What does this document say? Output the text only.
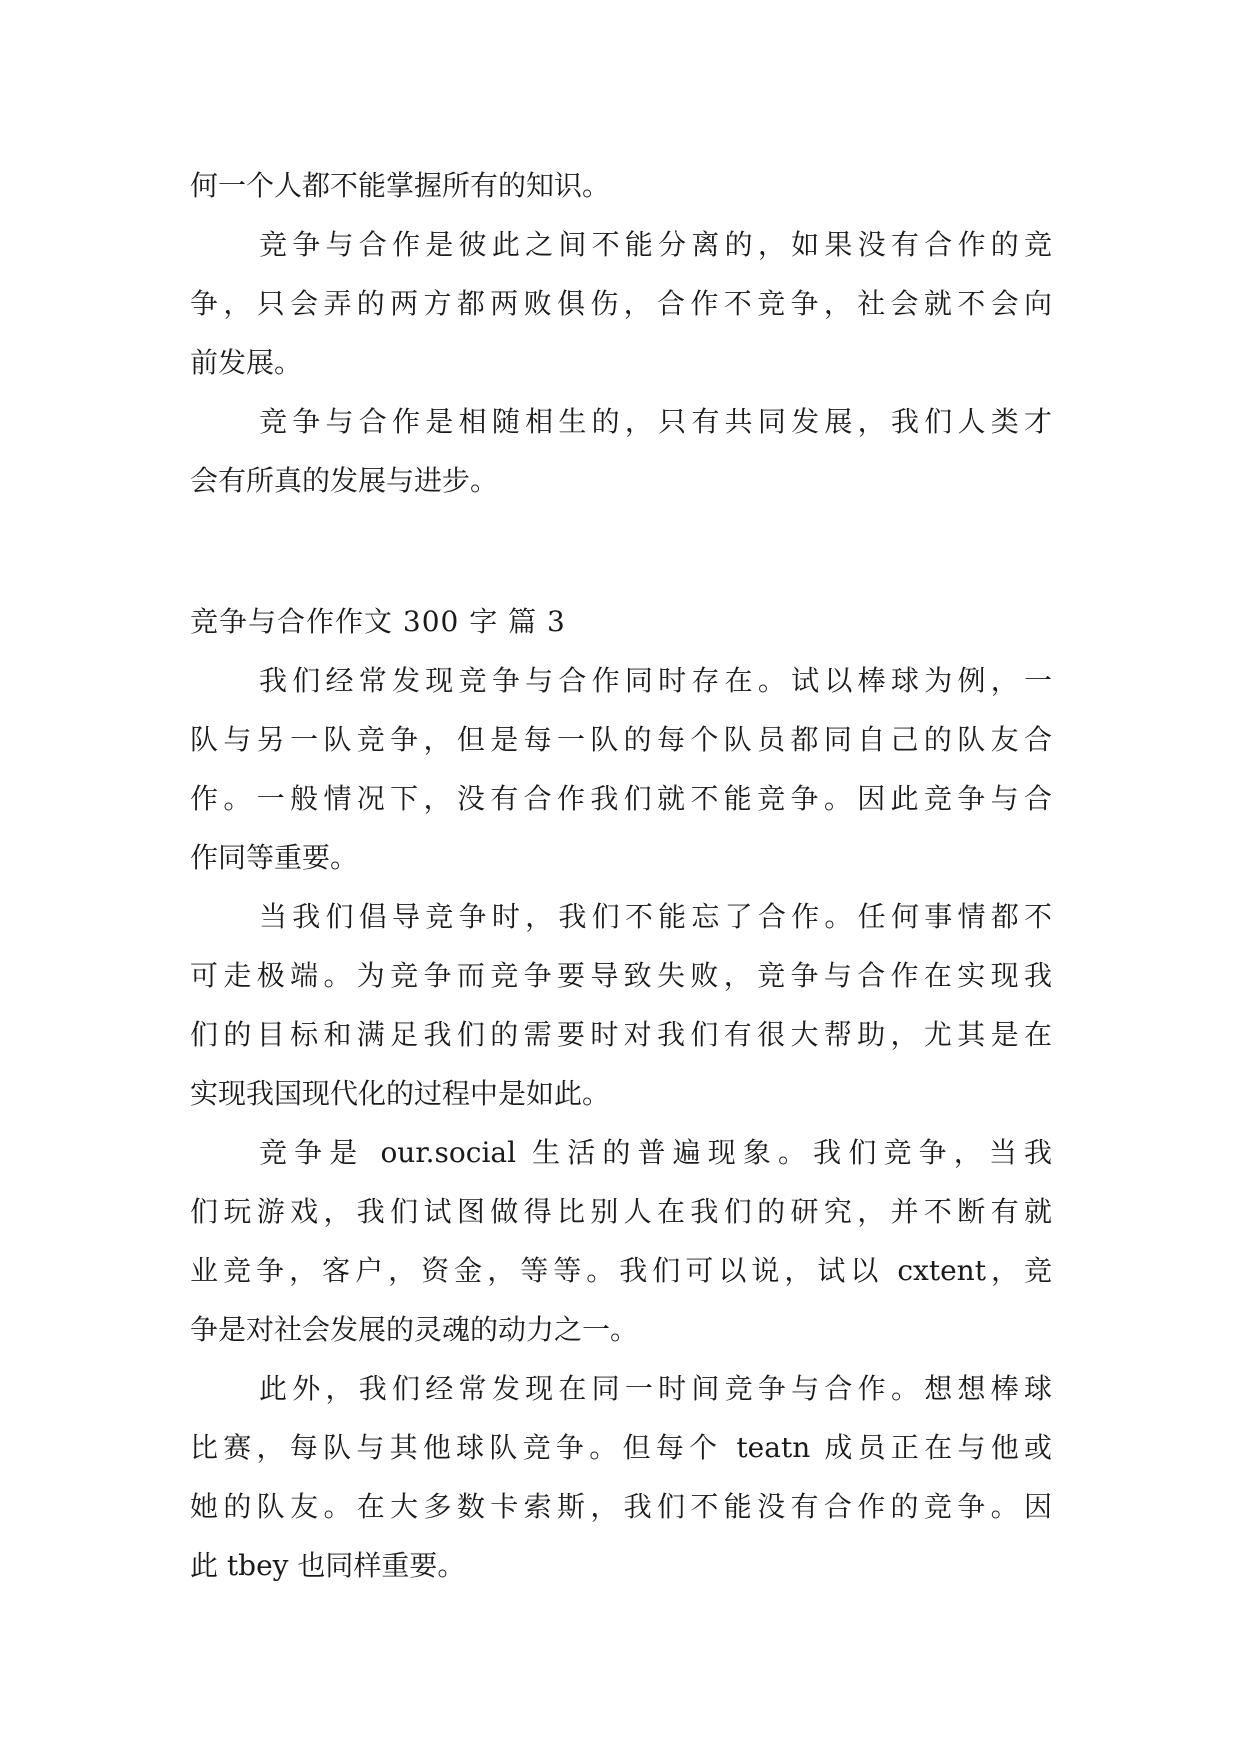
何一个人都不能掌握所有的知识。
竞争与合作是彼此之间不能分离的，如果没有合作的竞
争，只会弄的两方都两败俱伤，合作不竞争，社会就不会向
前发展。
竞争与合作是相随相生的，只有共同发展，我们人类才
会有所真的发展与进步。
竞争与合作作文 300 字 篇 3
我们经常发现竞争与合作同时存在。试以棒球为例，一
队与另一队竞争，但是每一队的每个队员都同自己的队友合
作。一般情况下，没有合作我们就不能竞争。因此竞争与合
作同等重要。
当我们倡导竞争时，我们不能忘了合作。任何事情都不
可走极端。为竞争而竞争要导致失败，竞争与合作在实现我
们的目标和满足我们的需要时对我们有很大帮助，尤其是在
实现我国现代化的过程中是如此。
竞争是 our.social 生活的普遍现象。我们竞争，当我
们玩游戏，我们试图做得比别人在我们的研究，并不断有就
业竞争，客户，资金，等等。我们可以说，试以 cxtent，竞
争是对社会发展的灵魂的动力之一。
此外，我们经常发现在同一时间竞争与合作。想想棒球
比赛，每队与其他球队竞争。但每个 teatn 成员正在与他或
她的队友。在大多数卡索斯，我们不能没有合作的竞争。因
此 tbey 也同样重要。
